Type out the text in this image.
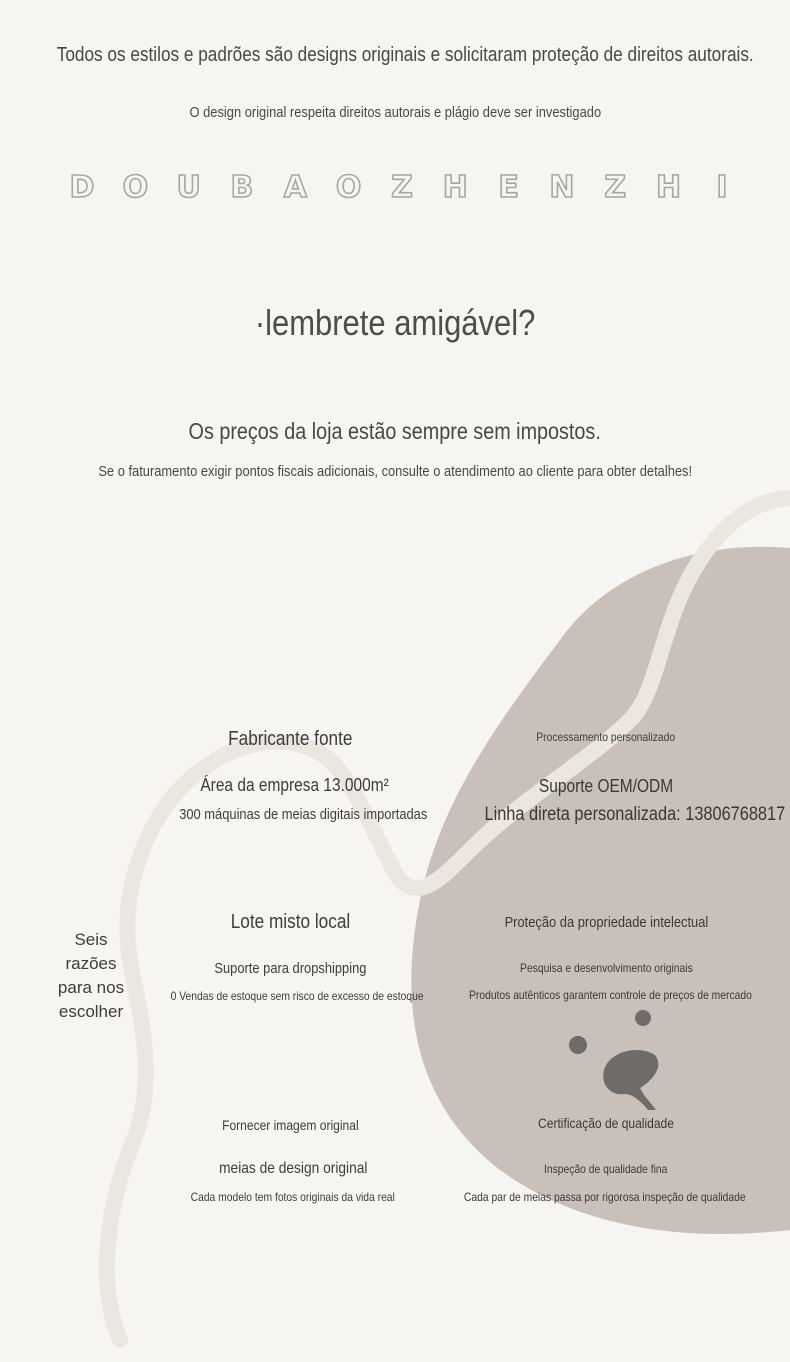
Todos os estilos e padrões são designs originais e solicitaram proteção de direitos autorais.
O design original respeita direitos autorais e plágio deve ser investigado
D O U B A O Z H	E	N Z H	I
·lembrete amigável?
Os preços da loja estão sempre sem impostos.
Se o faturamento exigir pontos fiscais adicionais, consulte o atendimento ao cliente para obter detalhes!
Seis razões para nos escolher
Fabricante fonte
Área da empresa 13.000m²
300 máquinas de meias digitais importadas
Processamento personalizado
Suporte OEM/ODM
Linha direta personalizada: 13806768817
Lote misto local
Suporte para dropshipping
0 Vendas de estoque sem risco de excesso de estoque
Proteção da propriedade intelectual
Pesquisa e desenvolvimento originais
Produtos autênticos garantem controle de preços de mercado
Fornecer imagem original
meias de design original
Cada modelo tem fotos originais da vida real
Certificação de qualidade
Inspeção de qualidade fina
Cada par de meias passa por rigorosa inspeção de qualidade
